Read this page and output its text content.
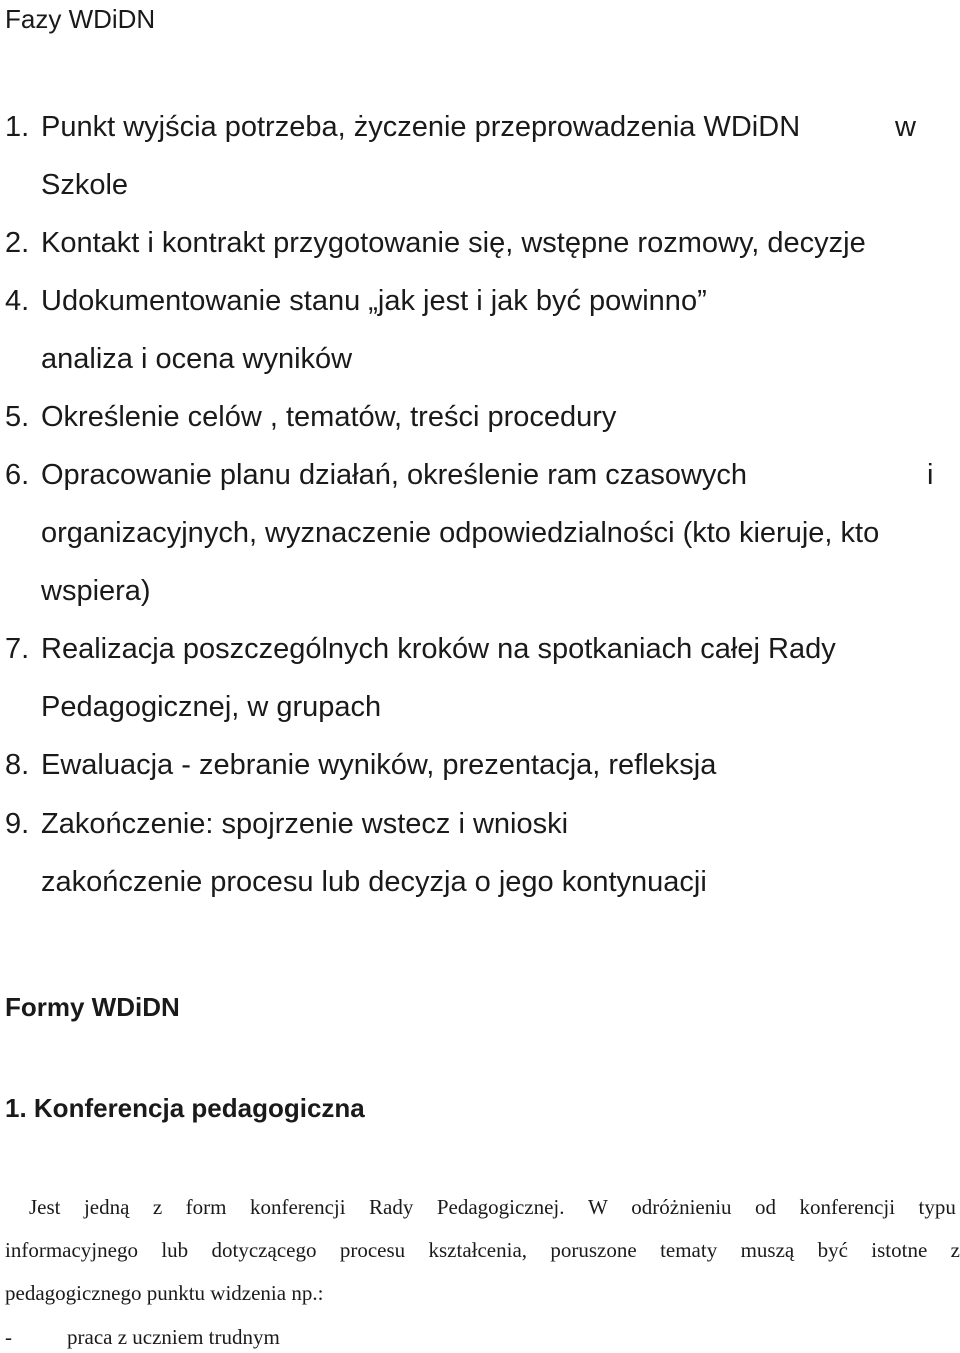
Fazy WDiDN
1. Punkt wyjścia potrzeba, życzenie przeprowadzenia WDiDN	w
Szkole
2. Kontakt i kontrakt przygotowanie się, wstępne rozmowy, decyzje
4. Udokumentowanie stanu „jak jest i jak być powinno”
analiza i ocena wyników
5. Określenie celów , tematów, treści procedury
6. Opracowanie planu działań, określenie ram czasowych	i
organizacyjnych, wyznaczenie odpowiedzialności (kto kieruje, kto
wspiera)
7. Realizacja poszczególnych kroków na spotkaniach całej Rady
Pedagogicznej, w grupach
8. Ewaluacja - zebranie wyników, prezentacja, refleksja
9. Zakończenie: spojrzenie wstecz i wnioski
zakończenie procesu lub decyzja o jego kontynuacji
Formy WDiDN
1. Konferencja pedagogiczna
Jest jedną z form konferencji Rady Pedagogicznej. W odróżnieniu od konferencji typu
informacyjnego lub dotyczącego procesu kształcenia, poruszone tematy muszą być istotne z
pedagogicznego punktu widzenia np.:
-	praca z uczniem trudnym
